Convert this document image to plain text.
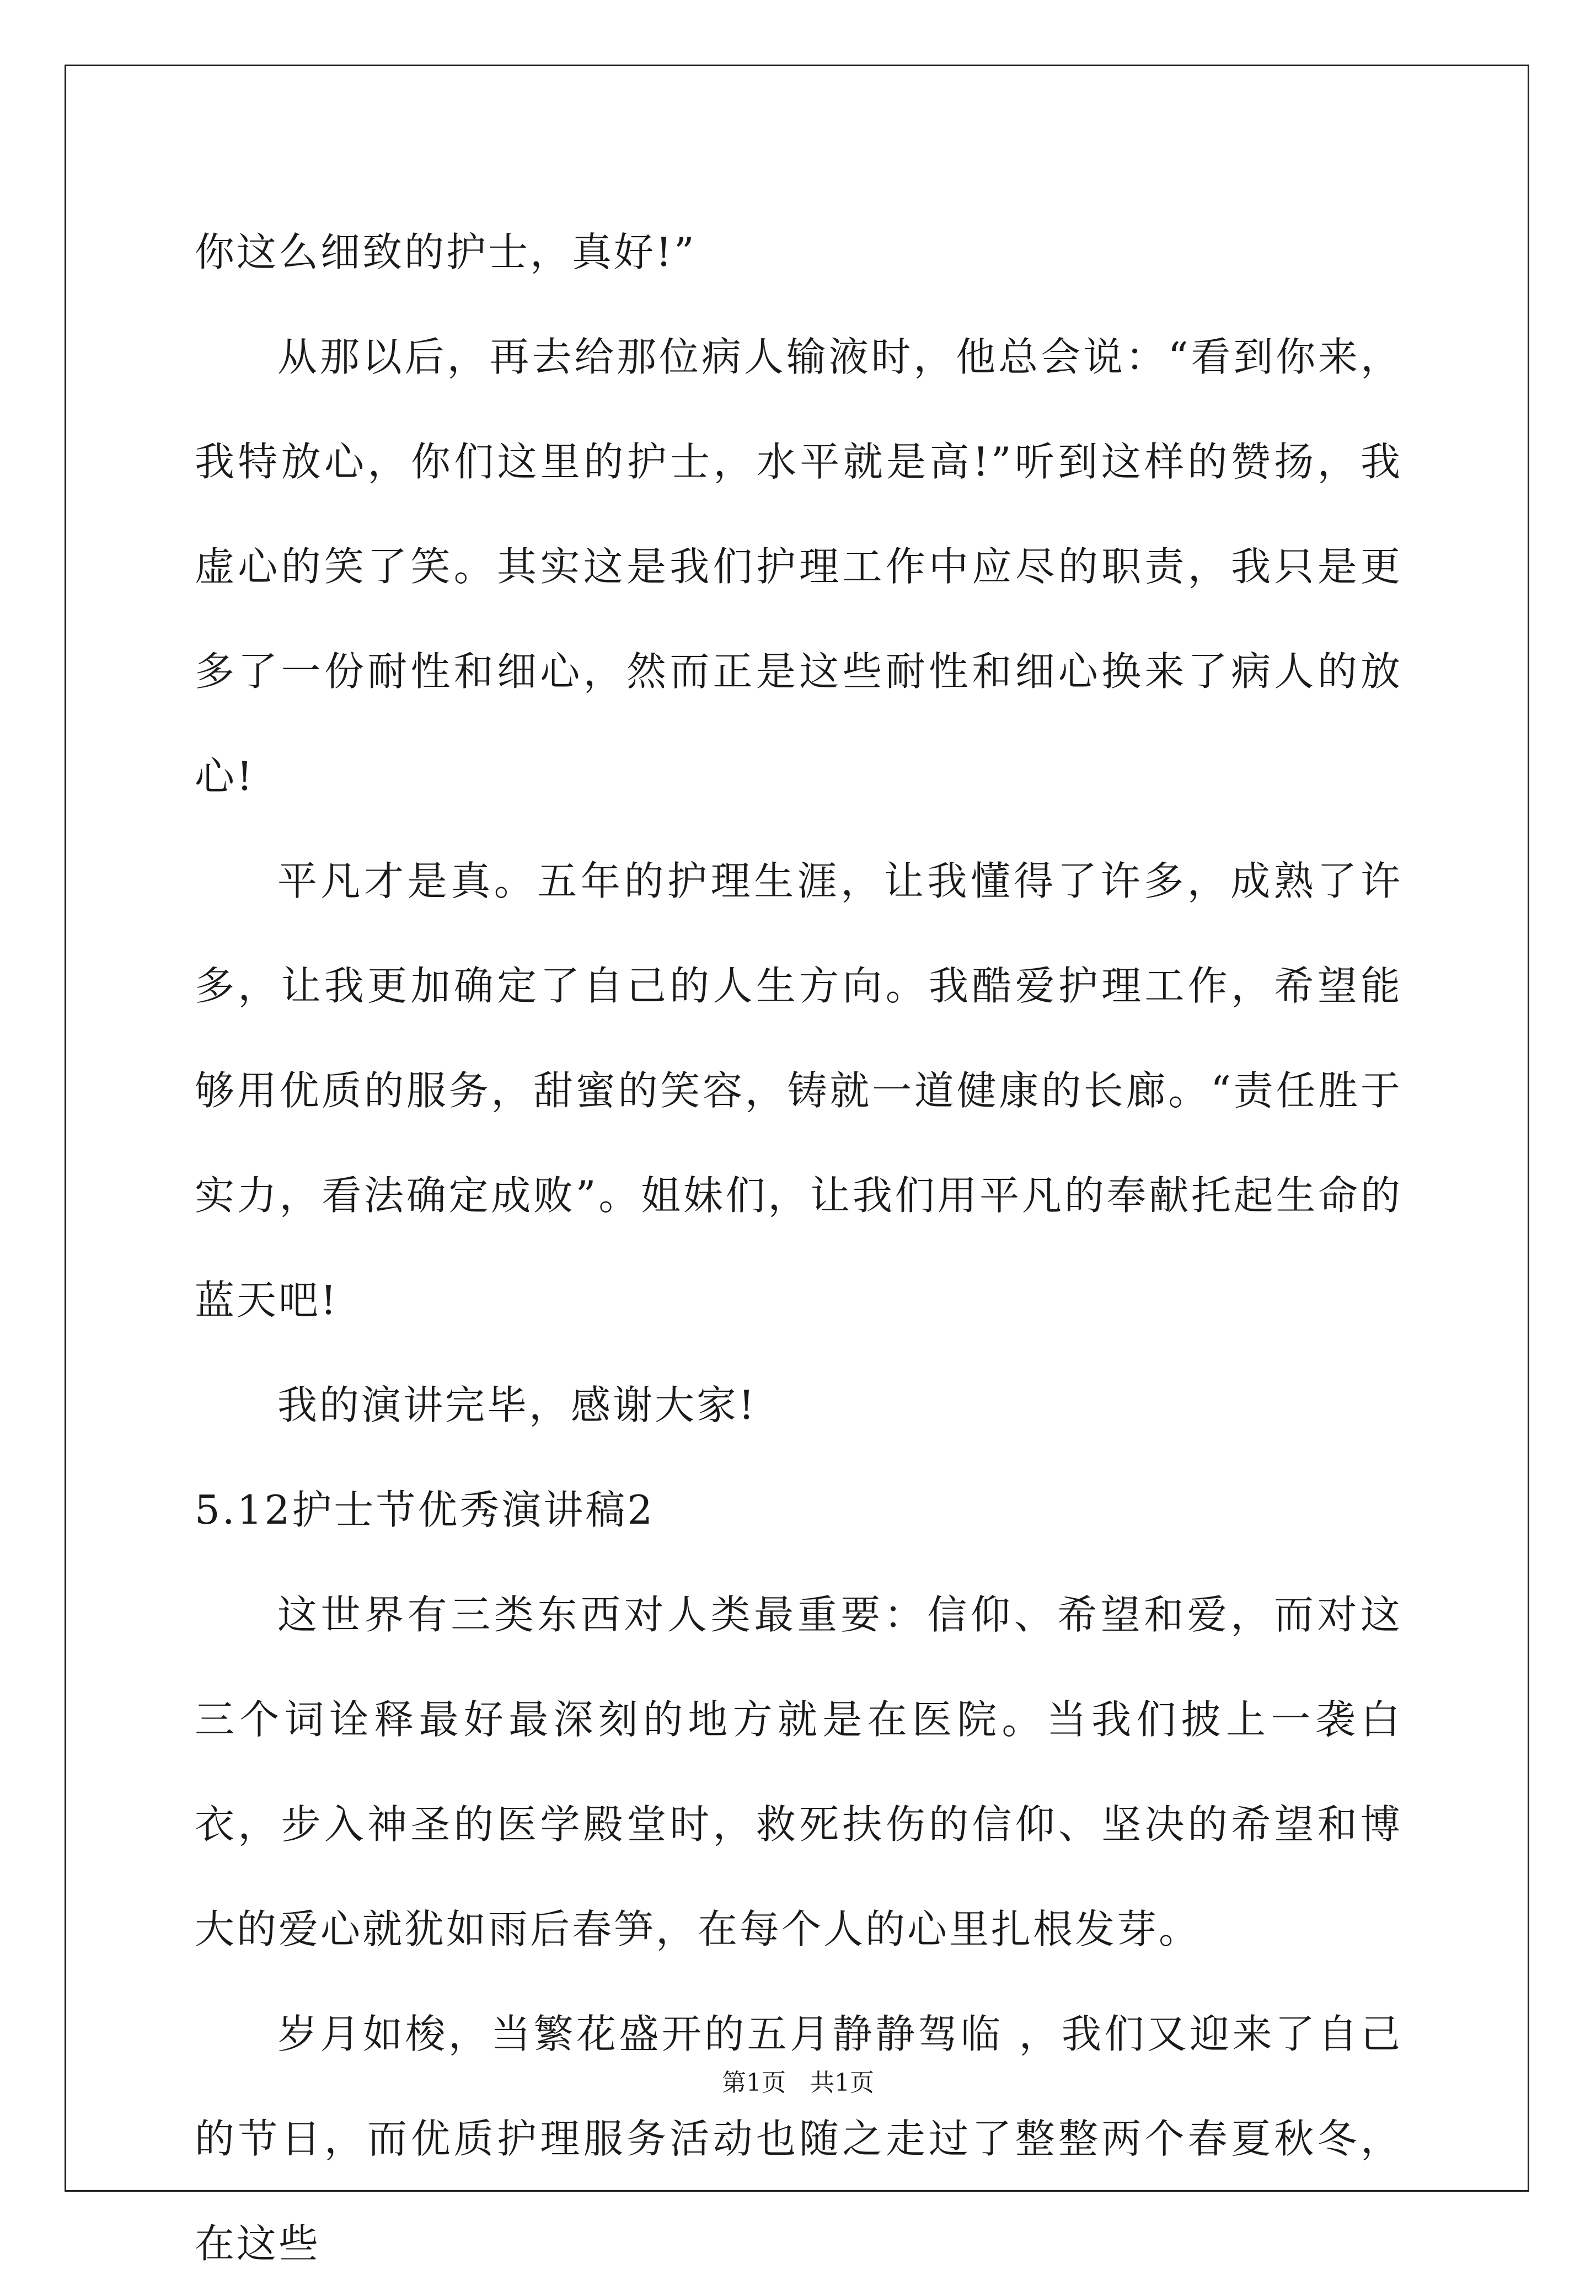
你这么细致的护士，真好!”

从那以后，再去给那位病人输液时，他总会说：“看到你来，我特放心，你们这里的护士，水平就是高!”听到这样的赞扬，我虚心的笑了笑。其实这是我们护理工作中应尽的职责，我只是更多了一份耐性和细心，然而正是这些耐性和细心换来了病人的放心!

平凡才是真。五年的护理生涯，让我懂得了许多，成熟了许多，让我更加确定了自己的人生方向。我酷爱护理工作，希望能够用优质的服务，甜蜜的笑容，铸就一道健康的长廊。“责任胜于实力，看法确定成败”。姐妹们，让我们用平凡的奉献托起生命的蓝天吧!

我的演讲完毕，感谢大家!

5.12护士节优秀演讲稿2

这世界有三类东西对人类最重要：信仰、希望和爱，而对这三个词诠释最好最深刻的地方就是在医院。当我们披上一袭白衣，步入神圣的医学殿堂时，救死扶伤的信仰、坚决的希望和博大的爱心就犹如雨后春笋，在每个人的心里扎根发芽。

岁月如梭，当繁花盛开的五月静静驾临 ，我们又迎来了自己的节日，而优质护理服务活动也随之走过了整整两个春夏秋冬，在这些

第1页　共1页
